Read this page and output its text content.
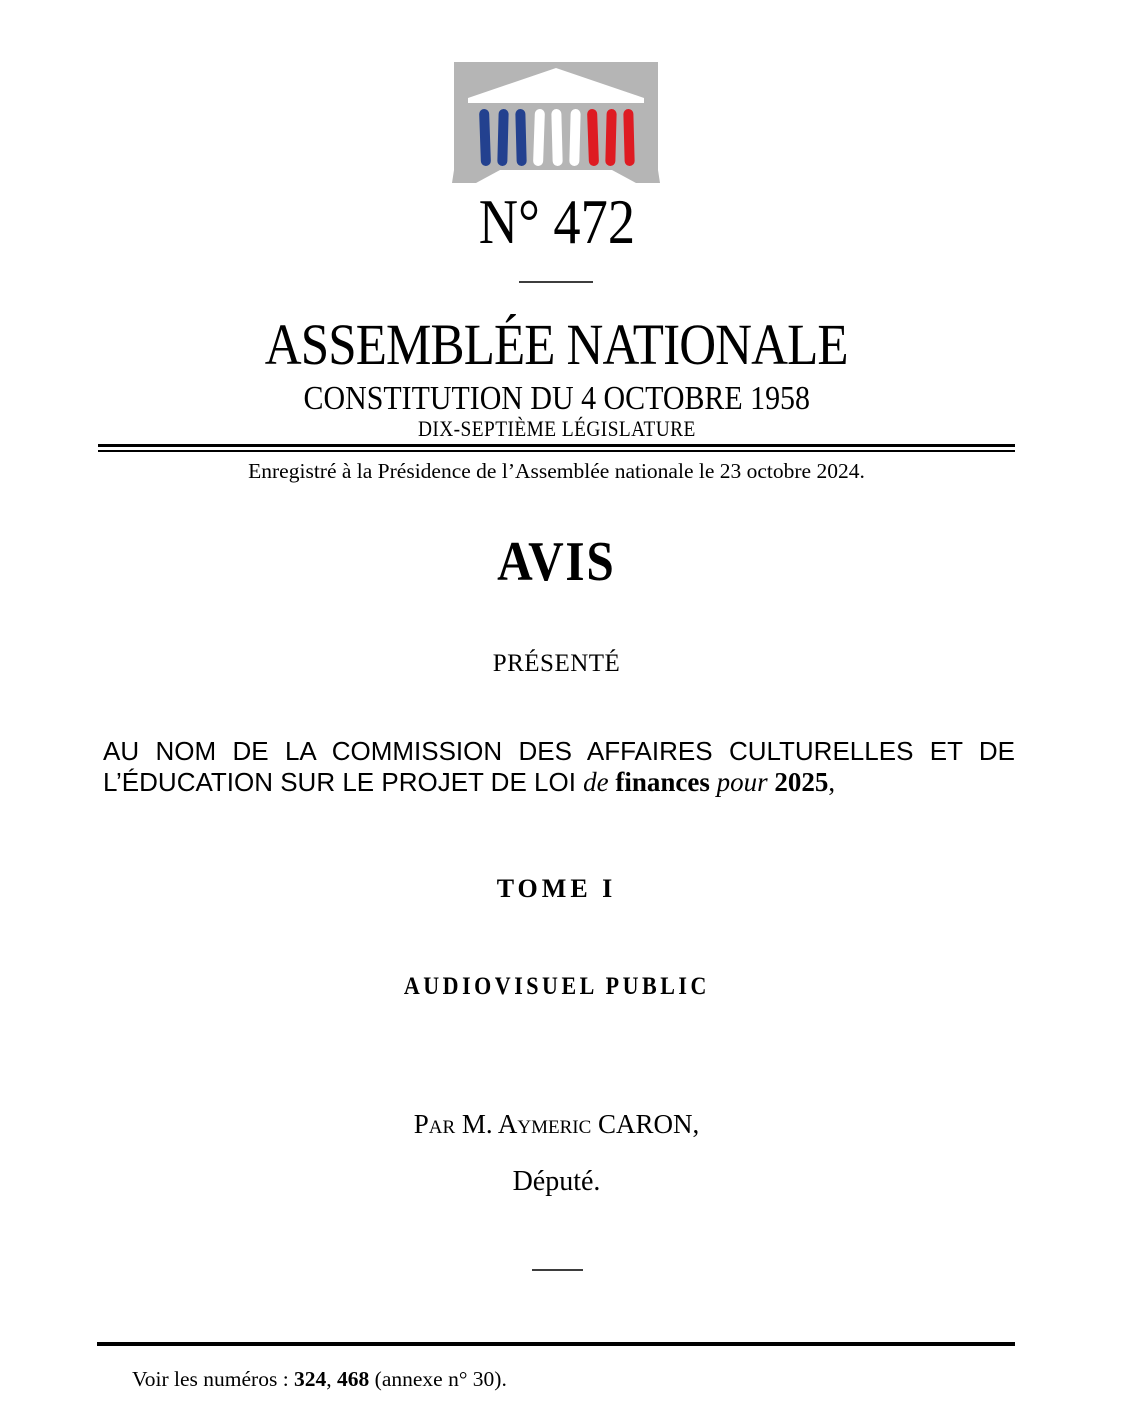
N° 472
ASSEMBLÉE NATIONALE
CONSTITUTION DU 4 OCTOBRE 1958
DIX-SEPTIÈME LÉGISLATURE
Enregistré à la Présidence de l’Assemblée nationale le 23 octobre 2024.
AVIS
PRÉSENTÉ
AU NOM DE LA COMMISSION DES AFFAIRES CULTURELLES ET DE
L’ÉDUCATION SUR LE PROJET DE LOI de finances pour 2025,
TOME I
AUDIOVISUEL PUBLIC
Par M. Aymeric CARON,
Député.
Voir les numéros : 324, 468 (annexe n° 30).
